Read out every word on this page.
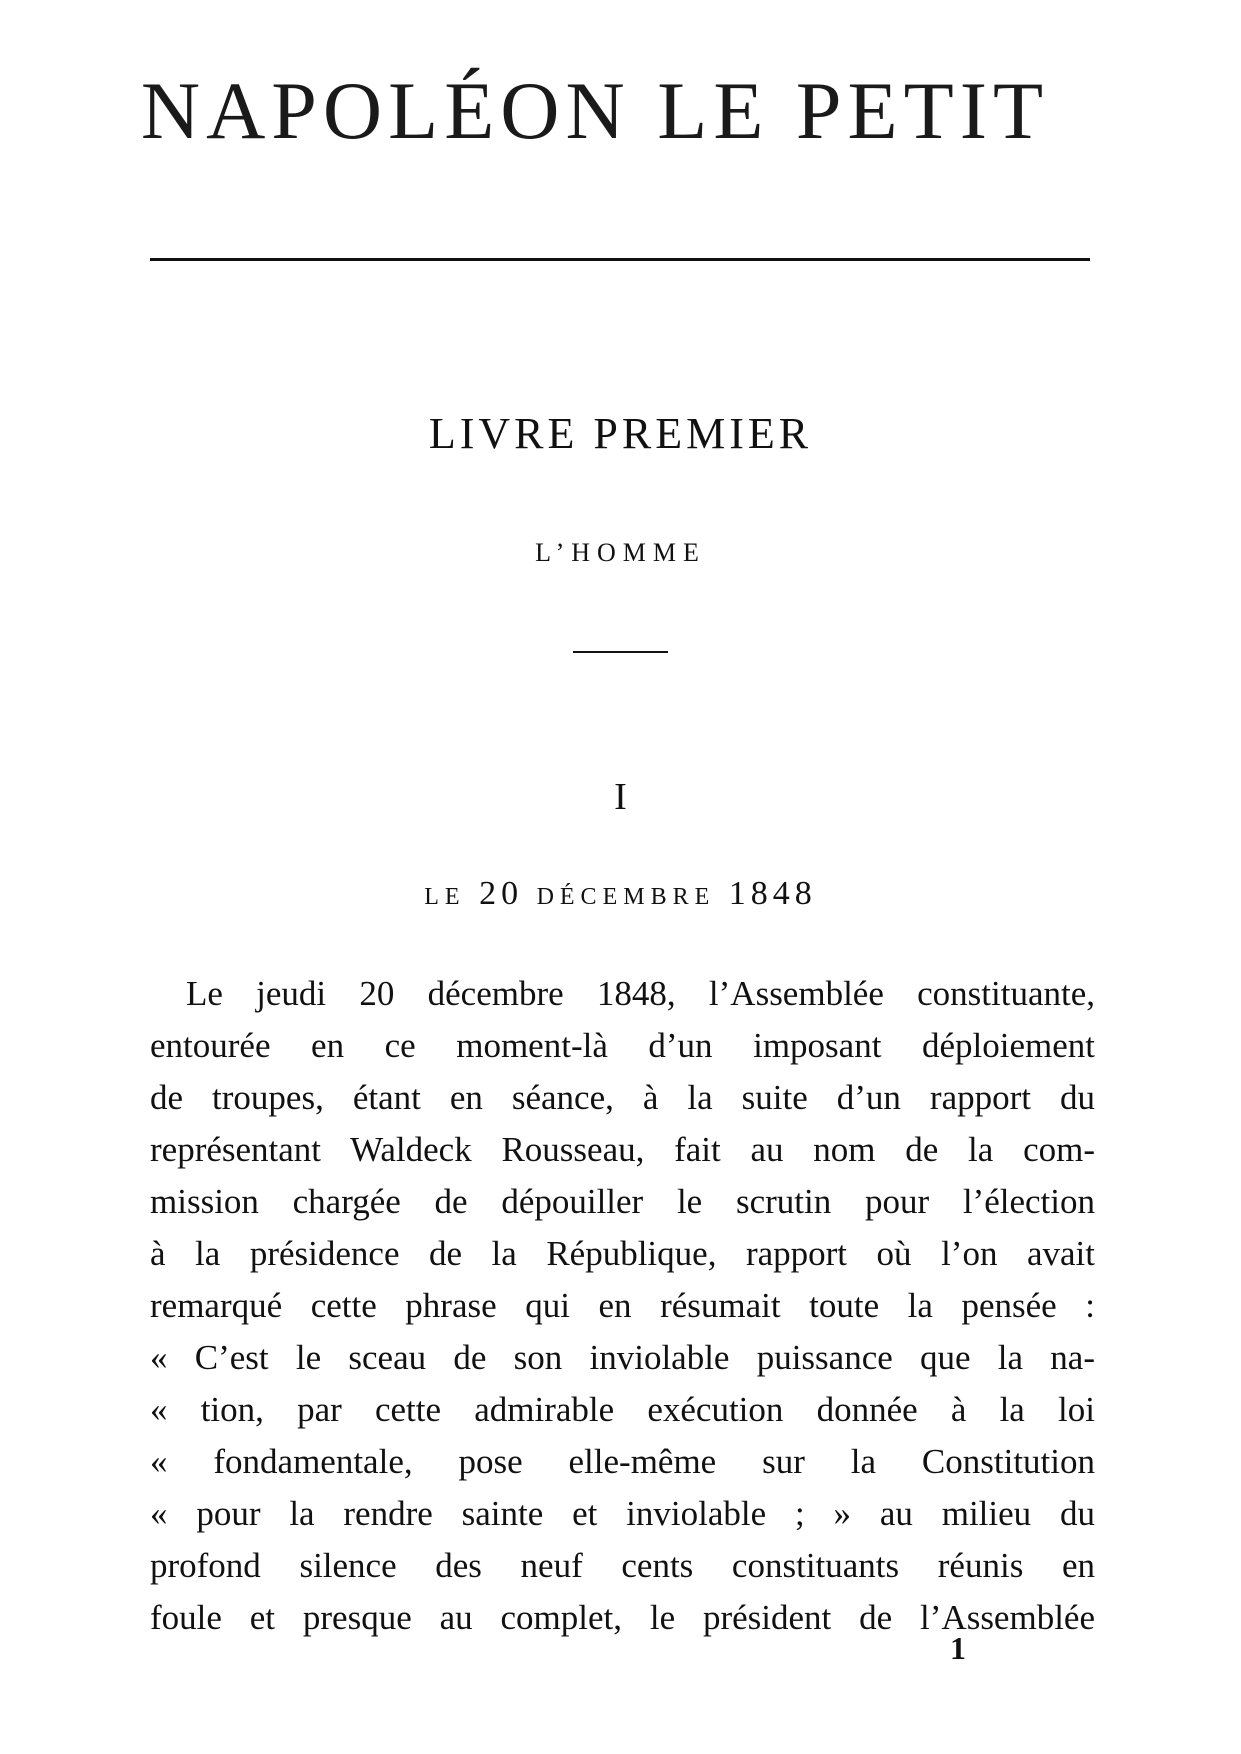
NAPOLÉON LE PETIT
LIVRE PREMIER
L’HOMME
I
LE 20 DÉCEMBRE 1848
Le jeudi 20 décembre 1848, l’Assemblée constituante,
entourée en ce moment-là d’un imposant déploiement
de troupes, étant en séance, à la suite d’un rapport du
représentant Waldeck Rousseau, fait au nom de la com-
mission chargée de dépouiller le scrutin pour l’élection
à la présidence de la République, rapport où l’on avait
remarqué cette phrase qui en résumait toute la pensée :
« C’est le sceau de son inviolable puissance que la na-
« tion, par cette admirable exécution donnée à la loi
« fondamentale, pose elle-même sur la Constitution
« pour la rendre sainte et inviolable ; » au milieu du
profond silence des neuf cents constituants réunis en
foule et presque au complet, le président de l’Assemblée
1
